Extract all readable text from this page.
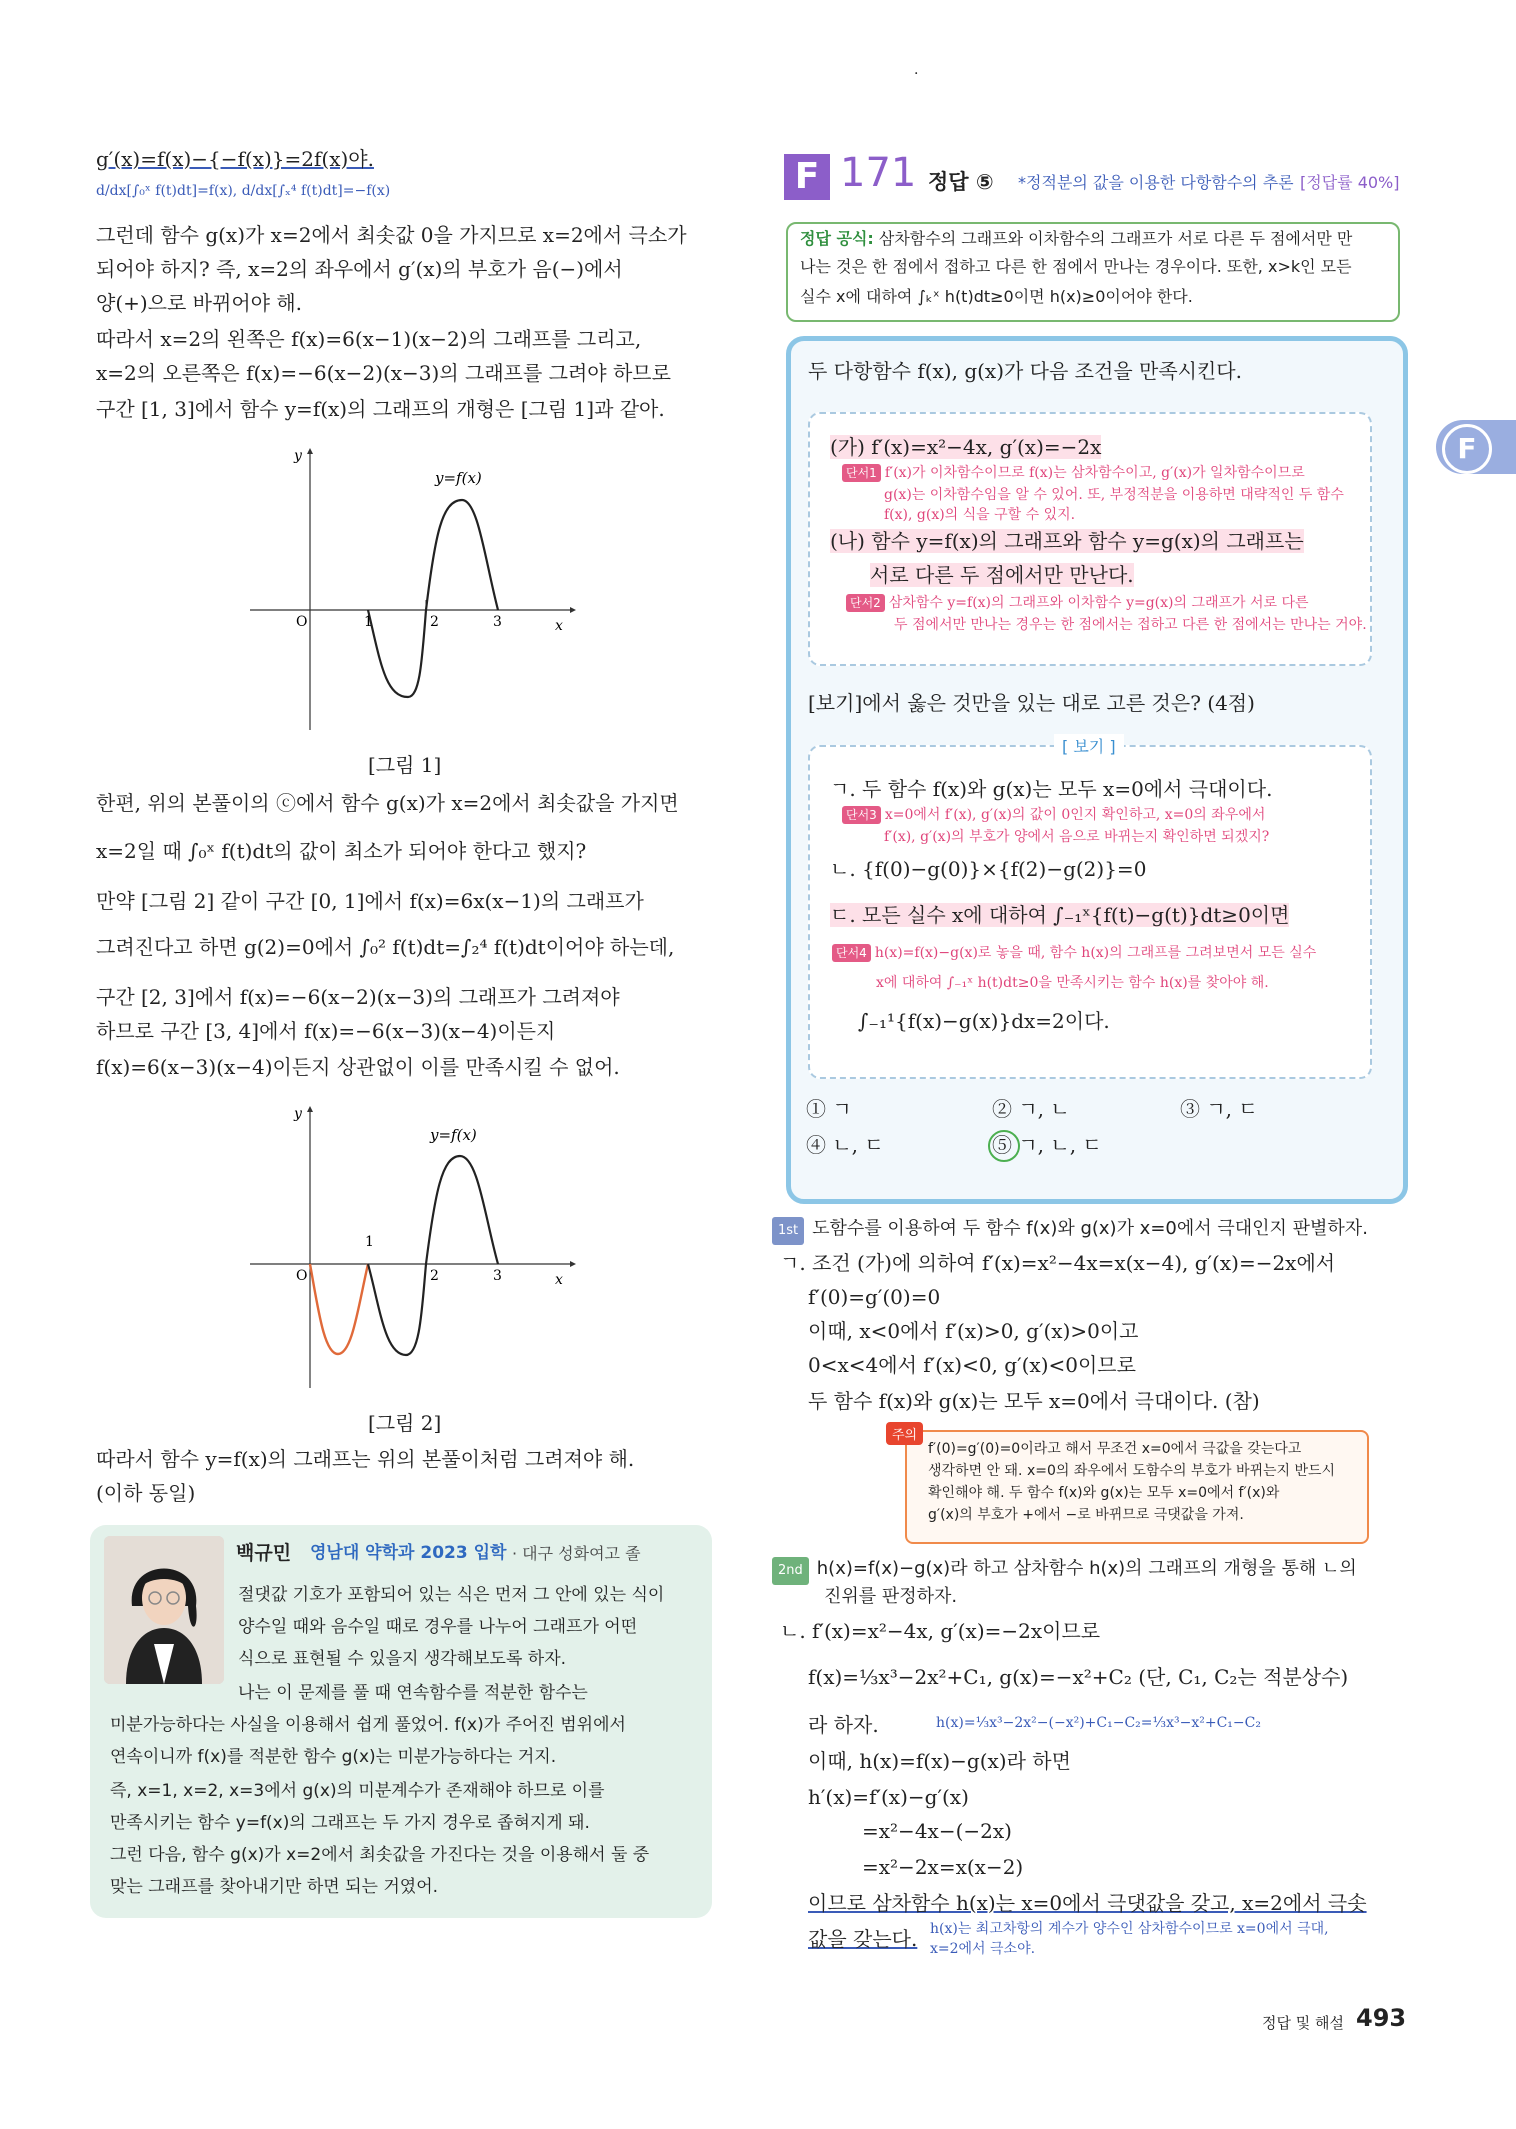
·
g′(x)=f(x)−{−f(x)}=2f(x)야.
d/dx[∫₀ˣ f(t)dt]=f(x), d/dx[∫ₓ⁴ f(t)dt]=−f(x)
그런데 함수 g(x)가 x=2에서 최솟값 0을 가지므로 x=2에서 극소가
되어야 하지? 즉, x=2의 좌우에서 g′(x)의 부호가 음(−)에서
양(+)으로 바뀌어야 해.
따라서 x=2의 왼쪽은 f(x)=6(x−1)(x−2)의 그래프를 그리고,
x=2의 오른쪽은 f(x)=−6(x−2)(x−3)의 그래프를 그려야 하므로
구간 [1, 3]에서 함수 y=f(x)의 그래프의 개형은 [그림 1]과 같아.
y
x
O	1	2	3
y=f(x)
[그림 1]
한편, 위의 본풀이의 ⓒ에서 함수 g(x)가 x=2에서 최솟값을 가지면
x=2일 때 ∫₀ˣ f(t)dt의 값이 최소가 되어야 한다고 했지?
만약 [그림 2] 같이 구간 [0, 1]에서 f(x)=6x(x−1)의 그래프가
그려진다고 하면 g(2)=0에서 ∫₀² f(t)dt=∫₂⁴ f(t)dt이어야 하는데,
구간 [2, 3]에서 f(x)=−6(x−2)(x−3)의 그래프가 그려져야
하므로 구간 [3, 4]에서 f(x)=−6(x−3)(x−4)이든지
f(x)=6(x−3)(x−4)이든지 상관없이 이를 만족시킬 수 없어.
y
x
O
1
2	3
y=f(x)
[그림 2]
따라서 함수 y=f(x)의 그래프는 위의 본풀이처럼 그려져야 해.
(이하 동일)
백규민 영남대 약학과 2023 입학 · 대구 성화여고 졸
절댓값 기호가 포함되어 있는 식은 먼저 그 안에 있는 식이
양수일 때와 음수일 때로 경우를 나누어 그래프가 어떤
식으로 표현될 수 있을지 생각해보도록 하자.
나는 이 문제를 풀 때 연속함수를 적분한 함수는
미분가능하다는 사실을 이용해서 쉽게 풀었어. f(x)가 주어진 범위에서
연속이니까 f(x)를 적분한 함수 g(x)는 미분가능하다는 거지.
즉, x=1, x=2, x=3에서 g(x)의 미분계수가 존재해야 하므로 이를
만족시키는 함수 y=f(x)의 그래프는 두 가지 경우로 좁혀지게 돼.
그런 다음, 함수 g(x)가 x=2에서 최솟값을 가진다는 것을 이용해서 둘 중
맞는 그래프를 찾아내기만 하면 되는 거였어.
F 171 정답 ⑤ *정적분의 값을 이용한 다항함수의 추론 [정답률 40%]
F
정답 공식: 삼차함수의 그래프와 이차함수의 그래프가 서로 다른 두 점에서만 만
나는 것은 한 점에서 접하고 다른 한 점에서 만나는 경우이다. 또한, x>k인 모든
실수 x에 대하여 ∫ₖˣ h(t)dt≥0이면 h(x)≥0이어야 한다.
두 다항함수 f(x), g(x)가 다음 조건을 만족시킨다.
(가) f′(x)=x²−4x, g′(x)=−2x
단서1 f′(x)가 이차함수이므로 f(x)는 삼차함수이고, g′(x)가 일차함수이므로
g(x)는 이차함수임을 알 수 있어. 또, 부정적분을 이용하면 대략적인 두 함수
f(x), g(x)의 식을 구할 수 있지.
(나) 함수 y=f(x)의 그래프와 함수 y=g(x)의 그래프는
서로 다른 두 점에서만 만난다.
단서2 삼차함수 y=f(x)의 그래프와 이차함수 y=g(x)의 그래프가 서로 다른
두 점에서만 만나는 경우는 한 점에서는 접하고 다른 한 점에서는 만나는 거야.
[보기]에서 옳은 것만을 있는 대로 고른 것은? (4점)
[ 보기 ]
ㄱ. 두 함수 f(x)와 g(x)는 모두 x=0에서 극대이다.
단서3 x=0에서 f′(x), g′(x)의 값이 0인지 확인하고, x=0의 좌우에서
f′(x), g′(x)의 부호가 양에서 음으로 바뀌는지 확인하면 되겠지?
ㄴ. {f(0)−g(0)}×{f(2)−g(2)}=0
ㄷ. 모든 실수 x에 대하여 ∫₋₁ˣ{f(t)−g(t)}dt≥0이면
단서4 h(x)=f(x)−g(x)로 놓을 때, 함수 h(x)의 그래프를 그려보면서 모든 실수
x에 대하여 ∫₋₁ˣ h(t)dt≥0을 만족시키는 함수 h(x)를 찾아야 해.
∫₋₁¹{f(x)−g(x)}dx=2이다.
① ㄱ	② ㄱ, ㄴ	③ ㄱ, ㄷ
④ ㄴ, ㄷ	⑤ ㄱ, ㄴ, ㄷ
1st 도함수를 이용하여 두 함수 f(x)와 g(x)가 x=0에서 극대인지 판별하자.
ㄱ. 조건 (가)에 의하여 f′(x)=x²−4x=x(x−4), g′(x)=−2x에서
f′(0)=g′(0)=0
이때, x<0에서 f′(x)>0, g′(x)>0이고
0<x<4에서 f′(x)<0, g′(x)<0이므로
두 함수 f(x)와 g(x)는 모두 x=0에서 극대이다. (참)
주의
f′(0)=g′(0)=0이라고 해서 무조건 x=0에서 극값을 갖는다고
생각하면 안 돼. x=0의 좌우에서 도함수의 부호가 바뀌는지 반드시
확인해야 해. 두 함수 f(x)와 g(x)는 모두 x=0에서 f′(x)와
g′(x)의 부호가 +에서 −로 바뀌므로 극댓값을 가져.
2nd h(x)=f(x)−g(x)라 하고 삼차함수 h(x)의 그래프의 개형을 통해 ㄴ의
진위를 판정하자.
ㄴ. f′(x)=x²−4x, g′(x)=−2x이므로
f(x)=⅓x³−2x²+C₁, g(x)=−x²+C₂ (단, C₁, C₂는 적분상수)
라 하자.	h(x)=⅓x³−2x²−(−x²)+C₁−C₂=⅓x³−x²+C₁−C₂
이때, h(x)=f(x)−g(x)라 하면
h′(x)=f′(x)−g′(x)
=x²−4x−(−2x)
=x²−2x=x(x−2)
이므로 삼차함수 h(x)는 x=0에서 극댓값을 갖고, x=2에서 극솟
값을 갖는다. h(x)는 최고차항의 계수가 양수인 삼차함수이므로 x=0에서 극대,
x=2에서 극소야.
정답 및 해설 493
